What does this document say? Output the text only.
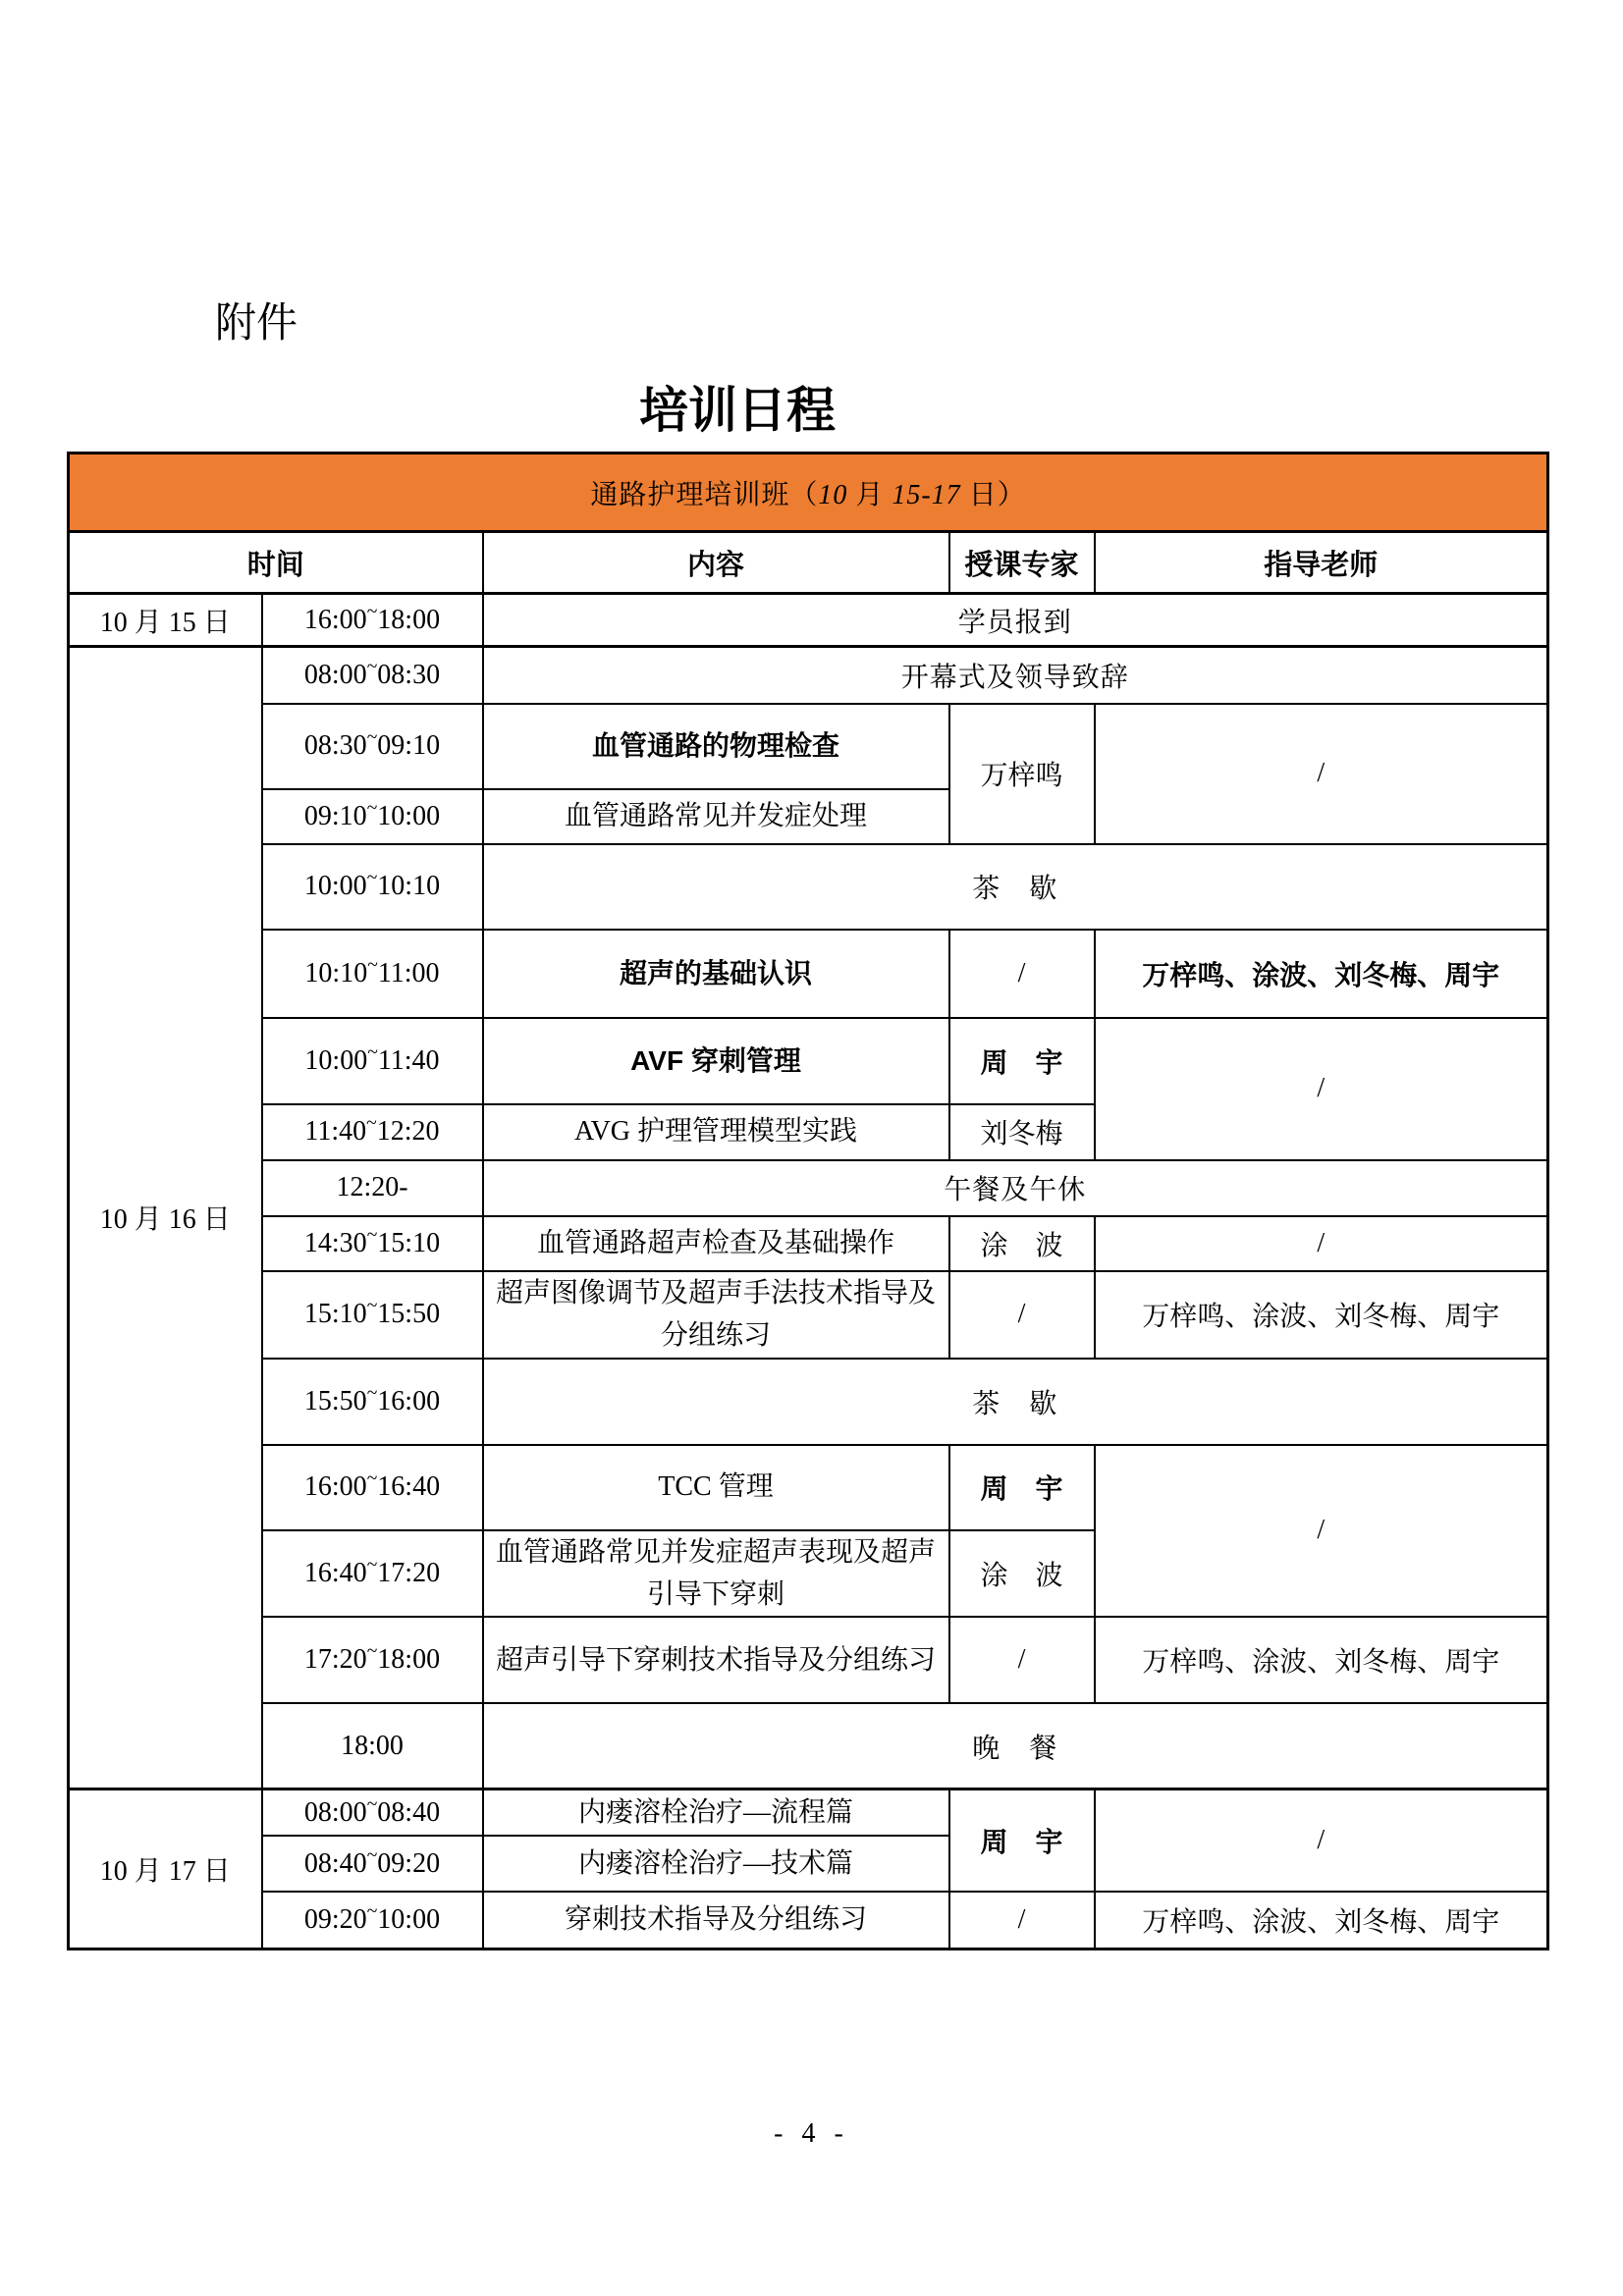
附件
培训日程
通路护理培训班（10 月 15-17 日）				
时间		内容	授课专家	指导老师
10 月 15 日	16:00~18:00	学员报到		
10 月 16 日	08:00~08:30	开幕式及领导致辞		
	08:30~09:10	血管通路的物理检查	万梓鸣	/
	09:10~10:00	血管通路常见并发症处理		
	10:00~10:10	茶　歇		
	10:10~11:00	超声的基础认识	/	万梓鸣、涂波、刘冬梅、周宇
	10:00~11:40	AVF 穿刺管理	周　宇	/
	11:40~12:20	AVG 护理管理模型实践	刘冬梅	
	12:20-	午餐及午休		
	14:30~15:10	血管通路超声检查及基础操作	涂　波	/
	15:10~15:50	超声图像调节及超声手法技术指导及分组练习	/	万梓鸣、涂波、刘冬梅、周宇
	15:50~16:00	茶　歇		
	16:00~16:40	TCC 管理	周　宇	/
	16:40~17:20	血管通路常见并发症超声表现及超声引导下穿刺	涂　波	
	17:20~18:00	超声引导下穿刺技术指导及分组练习	/	万梓鸣、涂波、刘冬梅、周宇
	18:00	晚　餐		
10 月 17 日	08:00~08:40	内瘘溶栓治疗—流程篇	周　宇	/
	08:40~09:20	内瘘溶栓治疗—技术篇		
	09:20~10:00	穿刺技术指导及分组练习	/	万梓鸣、涂波、刘冬梅、周宇
- 4 -
